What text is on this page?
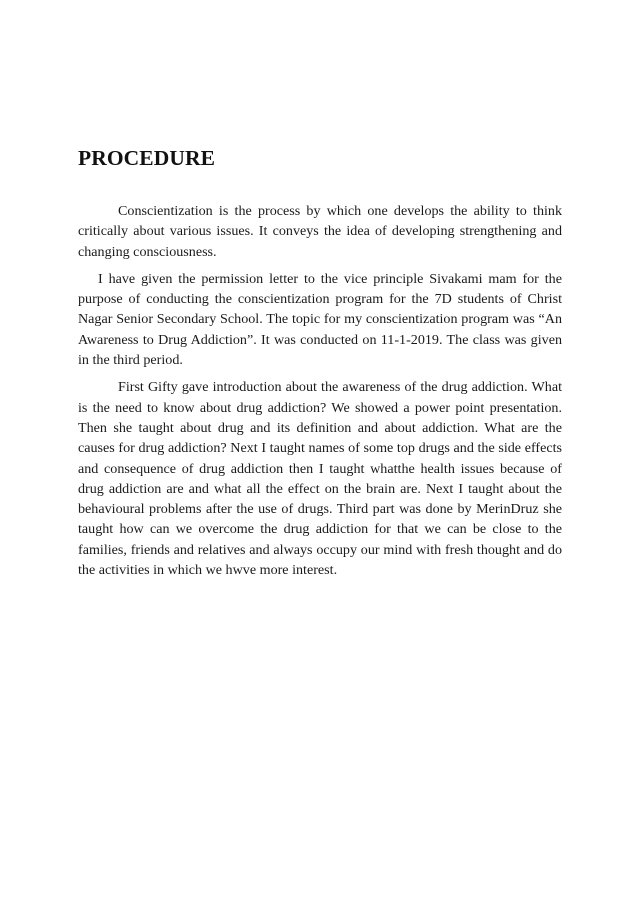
PROCEDURE

Conscientization is the process by which one develops the ability to think critically about various issues. It conveys the idea of developing strengthening and changing consciousness.

I have given the permission letter to the vice principle Sivakami mam for the purpose of conducting the conscientization program for the 7D students of Christ Nagar Senior Secondary School. The topic for my conscientization program was “An Awareness to Drug Addiction”. It was conducted on 11-1-2019. The class was given in the third period.

First Gifty gave introduction about the awareness of the drug addiction. What is the need to know about drug addiction? We showed a power point presentation. Then she taught about drug and its definition and about addiction. What are the causes for drug addiction? Next I taught names of some top drugs and the side effects and consequence of drug addiction then I taught whatthe health issues because of drug addiction are and what all the effect on the brain are. Next I taught about the behavioural problems after the use of drugs. Third part was done by MerinDruz she taught how can we overcome the drug addiction for that we can be close to the families, friends and relatives and always occupy our mind with fresh thought and do the activities in which we hwve more interest.
